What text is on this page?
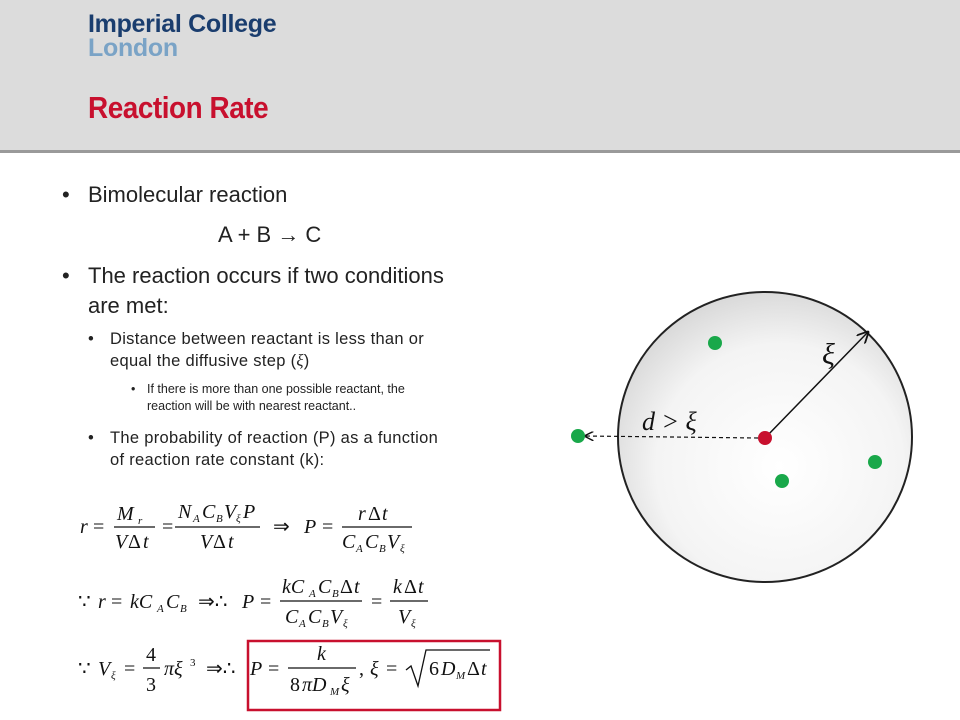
Imperial College
London
Reaction Rate
• Bimolecular reaction
A + B → C
• The reaction occurs if two conditions
are met:
• Distance between reactant is less than or
equal the diffusive step (ξ)
• If there is more than one possible reactant, the
reaction will be with nearest reactant..
• The probability of reaction (P) as a function
of reaction rate constant (k):
r =
M r
V Δ t
=
N A C B V ξ P
V Δ t
⇒ P =
r Δ t
C A C B V ξ
∵ r = kC A C B ⇒∴ P =
kC A C B Δ t
C A C B V ξ
=
k Δ t
V ξ
∵ V ξ =
4
3
πξ 3 ⇒∴ P =
k
8 πD M ξ
, ξ = 6 D M Δ t
ξ
d > ξ
